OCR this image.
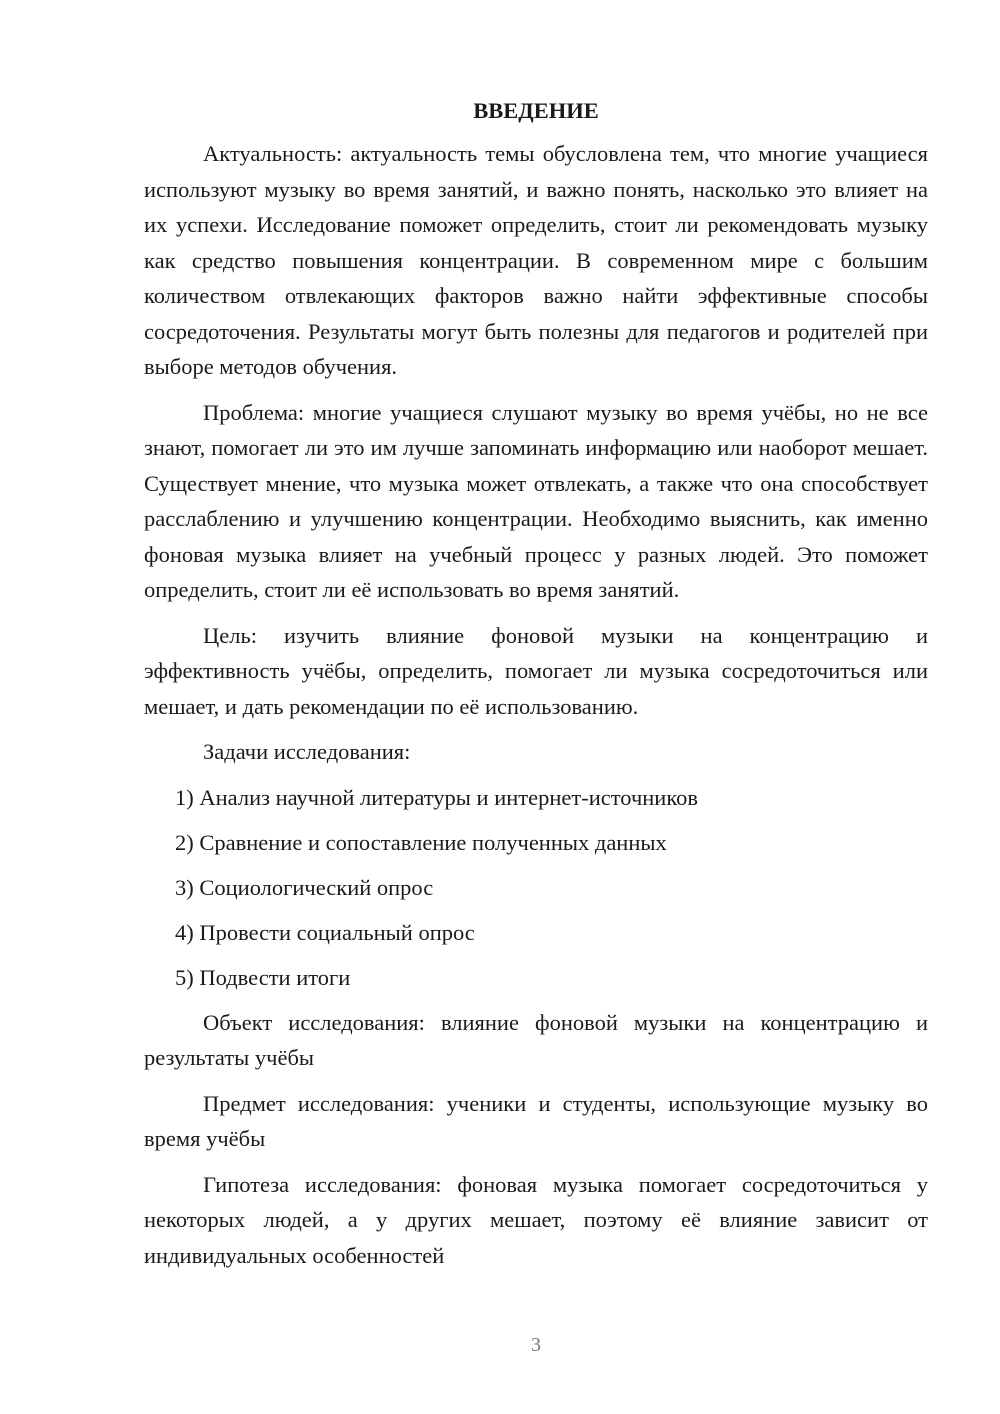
ВВЕДЕНИЕ

Актуальность: актуальность темы обусловлена тем, что многие учащиеся используют музыку во время занятий, и важно понять, насколько это влияет на их успехи. Исследование поможет определить, стоит ли рекомендовать музыку как средство повышения концентрации. В современном мире с большим количеством отвлекающих факторов важно найти эффективные способы сосредоточения. Результаты могут быть полезны для педагогов и родителей при выборе методов обучения.

Проблема: многие учащиеся слушают музыку во время учёбы, но не все знают, помогает ли это им лучше запоминать информацию или наоборот мешает. Существует мнение, что музыка может отвлекать, а также что она способствует расслаблению и улучшению концентрации. Необходимо выяснить, как именно фоновая музыка влияет на учебный процесс у разных людей. Это поможет определить, стоит ли её использовать во время занятий.

Цель: изучить влияние фоновой музыки на концентрацию и эффективность учёбы, определить, помогает ли музыка сосредоточиться или мешает, и дать рекомендации по её использованию.

Задачи исследования:

1) Анализ научной литературы и интернет-источников
2) Сравнение и сопоставление полученных данных
3) Социологический опрос
4) Провести социальный опрос
5) Подвести итоги

Объект исследования: влияние фоновой музыки на концентрацию и результаты учёбы

Предмет исследования: ученики и студенты, использующие музыку во время учёбы

Гипотеза исследования: фоновая музыка помогает сосредоточиться у некоторых людей, а у других мешает, поэтому её влияние зависит от индивидуальных особенностей

3
